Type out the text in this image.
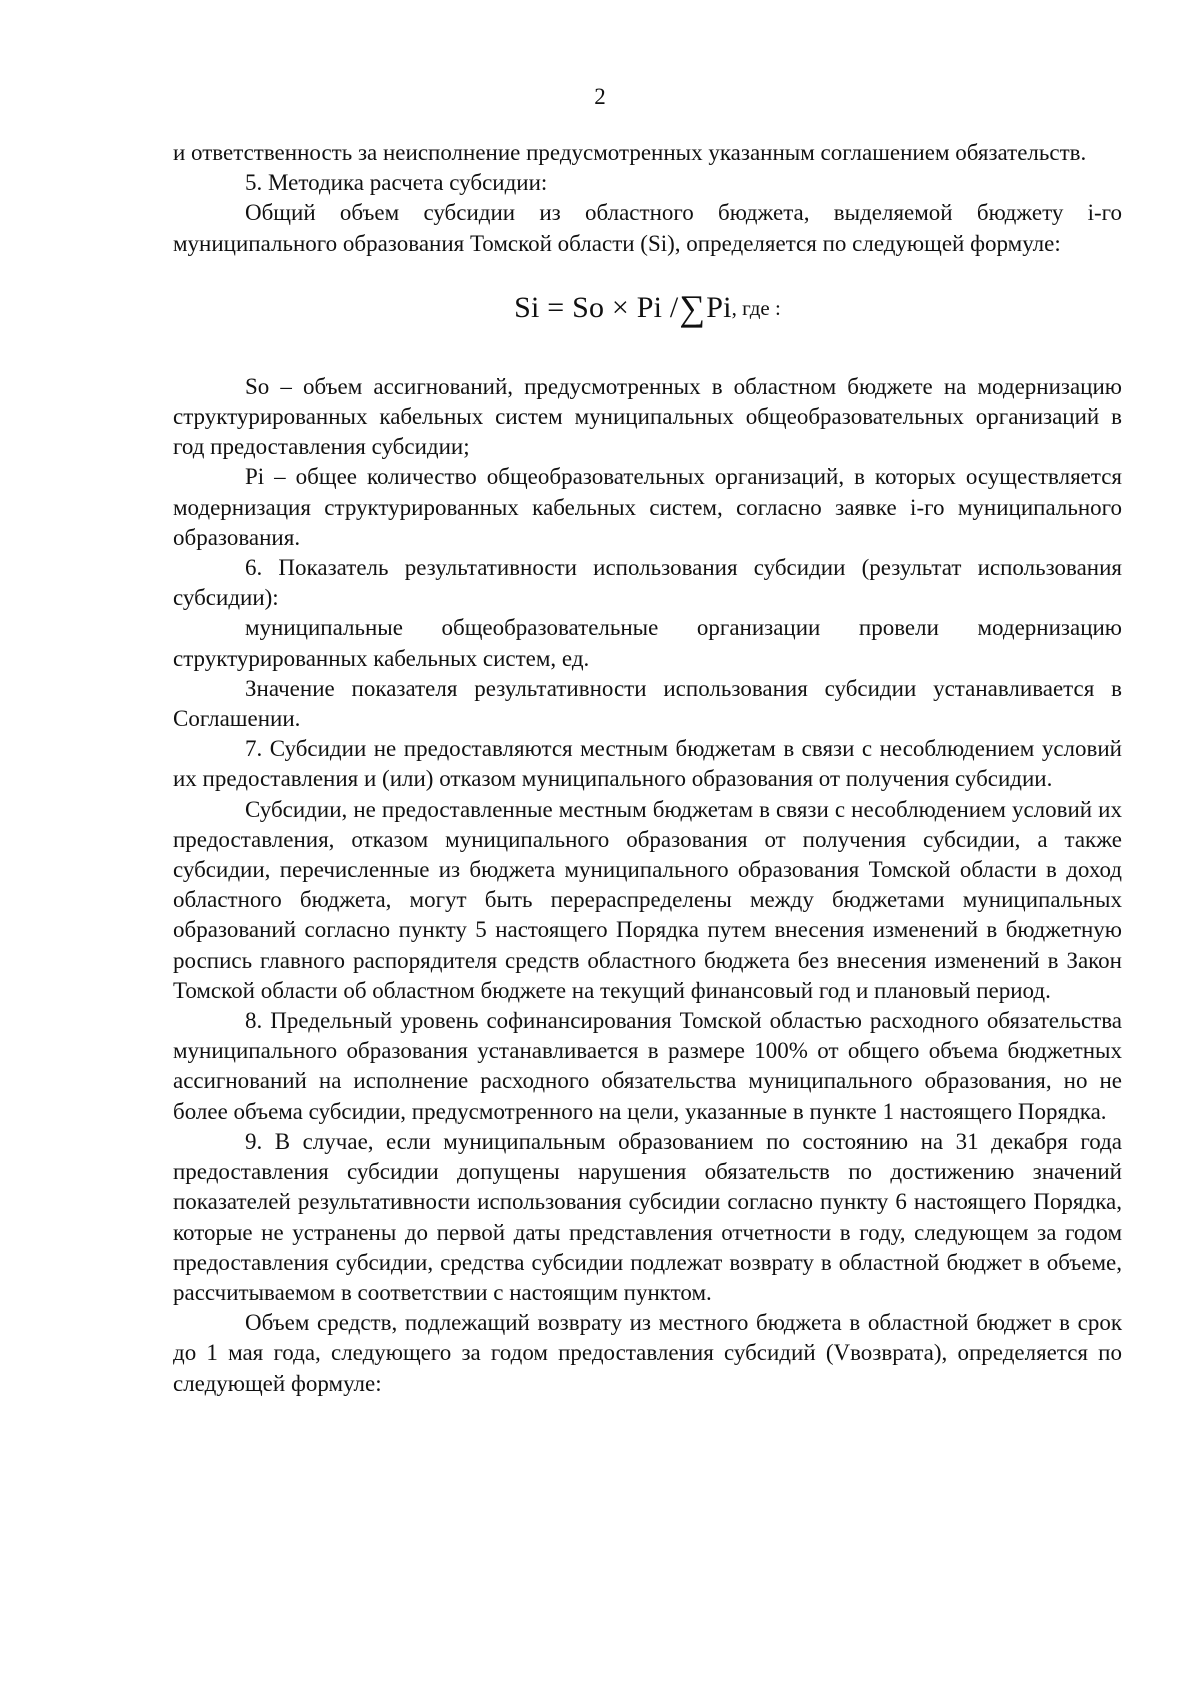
2

и ответственность за неисполнение предусмотренных указанным соглашением обязательств.

5. Методика расчета субсидии:

Общий объем субсидии из областного бюджета, выделяемой бюджету i-го муниципального образования Томской области (Si), определяется по следующей формуле:

Si = So × Pi / ∑ Pi , где :

So – объем ассигнований, предусмотренных в областном бюджете на модернизацию структурированных кабельных систем муниципальных общеобразовательных организаций в год предоставления субсидии;

Pi – общее количество общеобразовательных организаций, в которых осуществляется модернизация структурированных кабельных систем, согласно заявке i-го муниципального образования.

6. Показатель результативности использования субсидии (результат использования субсидии):

муниципальные общеобразовательные организации провели модернизацию структурированных кабельных систем, ед.

Значение показателя результативности использования субсидии устанавливается в Соглашении.

7. Субсидии не предоставляются местным бюджетам в связи с несоблюдением условий их предоставления и (или) отказом муниципального образования от получения субсидии.

Субсидии, не предоставленные местным бюджетам в связи с несоблюдением условий их предоставления, отказом муниципального образования от получения субсидии, а также субсидии, перечисленные из бюджета муниципального образования Томской области в доход областного бюджета, могут быть перераспределены между бюджетами муниципальных образований согласно пункту 5 настоящего Порядка путем внесения изменений в бюджетную роспись главного распорядителя средств областного бюджета без внесения изменений в Закон Томской области об областном бюджете на текущий финансовый год и плановый период.

8. Предельный уровень софинансирования Томской областью расходного обязательства муниципального образования устанавливается в размере 100% от общего объема бюджетных ассигнований на исполнение расходного обязательства муниципального образования, но не более объема субсидии, предусмотренного на цели, указанные в пункте 1 настоящего Порядка.

9. В случае, если муниципальным образованием по состоянию на 31 декабря года предоставления субсидии допущены нарушения обязательств по достижению значений показателей результативности использования субсидии согласно пункту 6 настоящего Порядка, которые не устранены до первой даты представления отчетности в году, следующем за годом предоставления субсидии, средства субсидии подлежат возврату в областной бюджет в объеме, рассчитываемом в соответствии с настоящим пунктом.

Объем средств, подлежащий возврату из местного бюджета в областной бюджет в срок до 1 мая года, следующего за годом предоставления субсидий (Vвозврата), определяется по следующей формуле:
